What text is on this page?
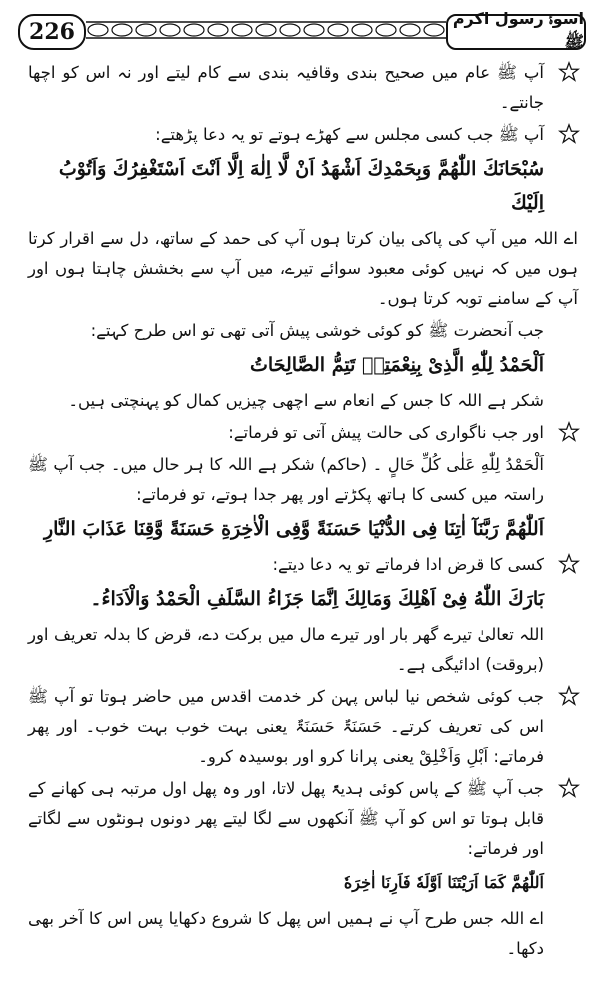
226
اسوۂ رسول اکرم ﷺ
آپ ﷺ عام میں صحیح بندی وقافیہ بندی سے کام لیتے اور نہ اس کو اچھا جانتے۔
آپ ﷺ جب کسی مجلس سے کھڑے ہوتے تو یہ دعا پڑھتے:
سُبْحَانَكَ اللّٰهُمَّ وَبِحَمْدِكَ اَشْهَدُ اَنْ لَّا اِلٰهَ اِلَّا اَنْتَ اَسْتَغْفِرُكَ وَاَتُوْبُ اِلَيْكَ
اے اللہ میں آپ کی پاکی بیان کرتا ہوں آپ کی حمد کے ساتھ، دل سے اقرار کرتا ہوں میں کہ نہیں کوئی معبود سوائے تیرے، میں آپ سے بخشش چاہتا ہوں اور آپ کے سامنے توبہ کرتا ہوں۔
جب آنحضرت ﷺ کو کوئی خوشی پیش آتی تھی تو اس طرح کہتے:
اَلْحَمْدُ لِلّٰهِ الَّذِیْ بِنِعْمَتِهٖ تَتِمُّ الصَّالِحَاتُ
شکر ہے اللہ کا جس کے انعام سے اچھی چیزیں کمال کو پہنچتی ہیں۔
اور جب ناگواری کی حالت پیش آتی تو فرماتے:
اَلْحَمْدُ لِلّٰهِ عَلٰی كُلِّ حَالٍ ۔ (حاکم) شکر ہے اللہ کا ہر حال میں۔ جب آپ ﷺ راستہ میں کسی کا ہاتھ پکڑتے اور پھر جدا ہوتے، تو فرماتے:
اَللّٰهُمَّ رَبَّنَآ اٰتِنَا فِی الدُّنْيَا حَسَنَةً وَّفِی الْاٰخِرَةِ حَسَنَةً وَّقِنَا عَذَابَ النَّارِ
کسی کا قرض ادا فرماتے تو یہ دعا دیتے:
بَارَكَ اللّٰهُ فِیْ اَهْلِكَ وَمَالِكَ اِنَّمَا جَزَاءُ السَّلَفِ الْحَمْدُ وَالْاَدَاءُ۔
اللہ تعالیٰ تیرے گھر بار اور تیرے مال میں برکت دے، قرض کا بدلہ تعریف اور (بروقت) ادائیگی ہے۔
جب کوئی شخص نیا لباس پہن کر خدمت اقدس میں حاضر ہوتا تو آپ ﷺ اس کی تعریف کرتے۔ حَسَنَۃٌ حَسَنَۃٌ یعنی بہت خوب بہت خوب۔ اور پھر فرماتے: اَبْلِ وَاَخْلِقْ یعنی پرانا کرو اور بوسیدہ کرو۔
جب آپ ﷺ کے پاس کوئی ہدیۃً پھل لاتا، اور وہ پھل اول مرتبہ ہی کھانے کے قابل ہوتا تو اس کو آپ ﷺ آنکھوں سے لگا لیتے پھر دونوں ہونٹوں سے لگاتے اور فرماتے:
اَللّٰهُمَّ كَمَا اَرَيْتَنَا اَوَّلَهٗ فَاَرِنَا اٰخِرَهٗ
اے اللہ جس طرح آپ نے ہمیں اس پھل کا شروع دکھایا پس اس کا آخر بھی دکھا۔
